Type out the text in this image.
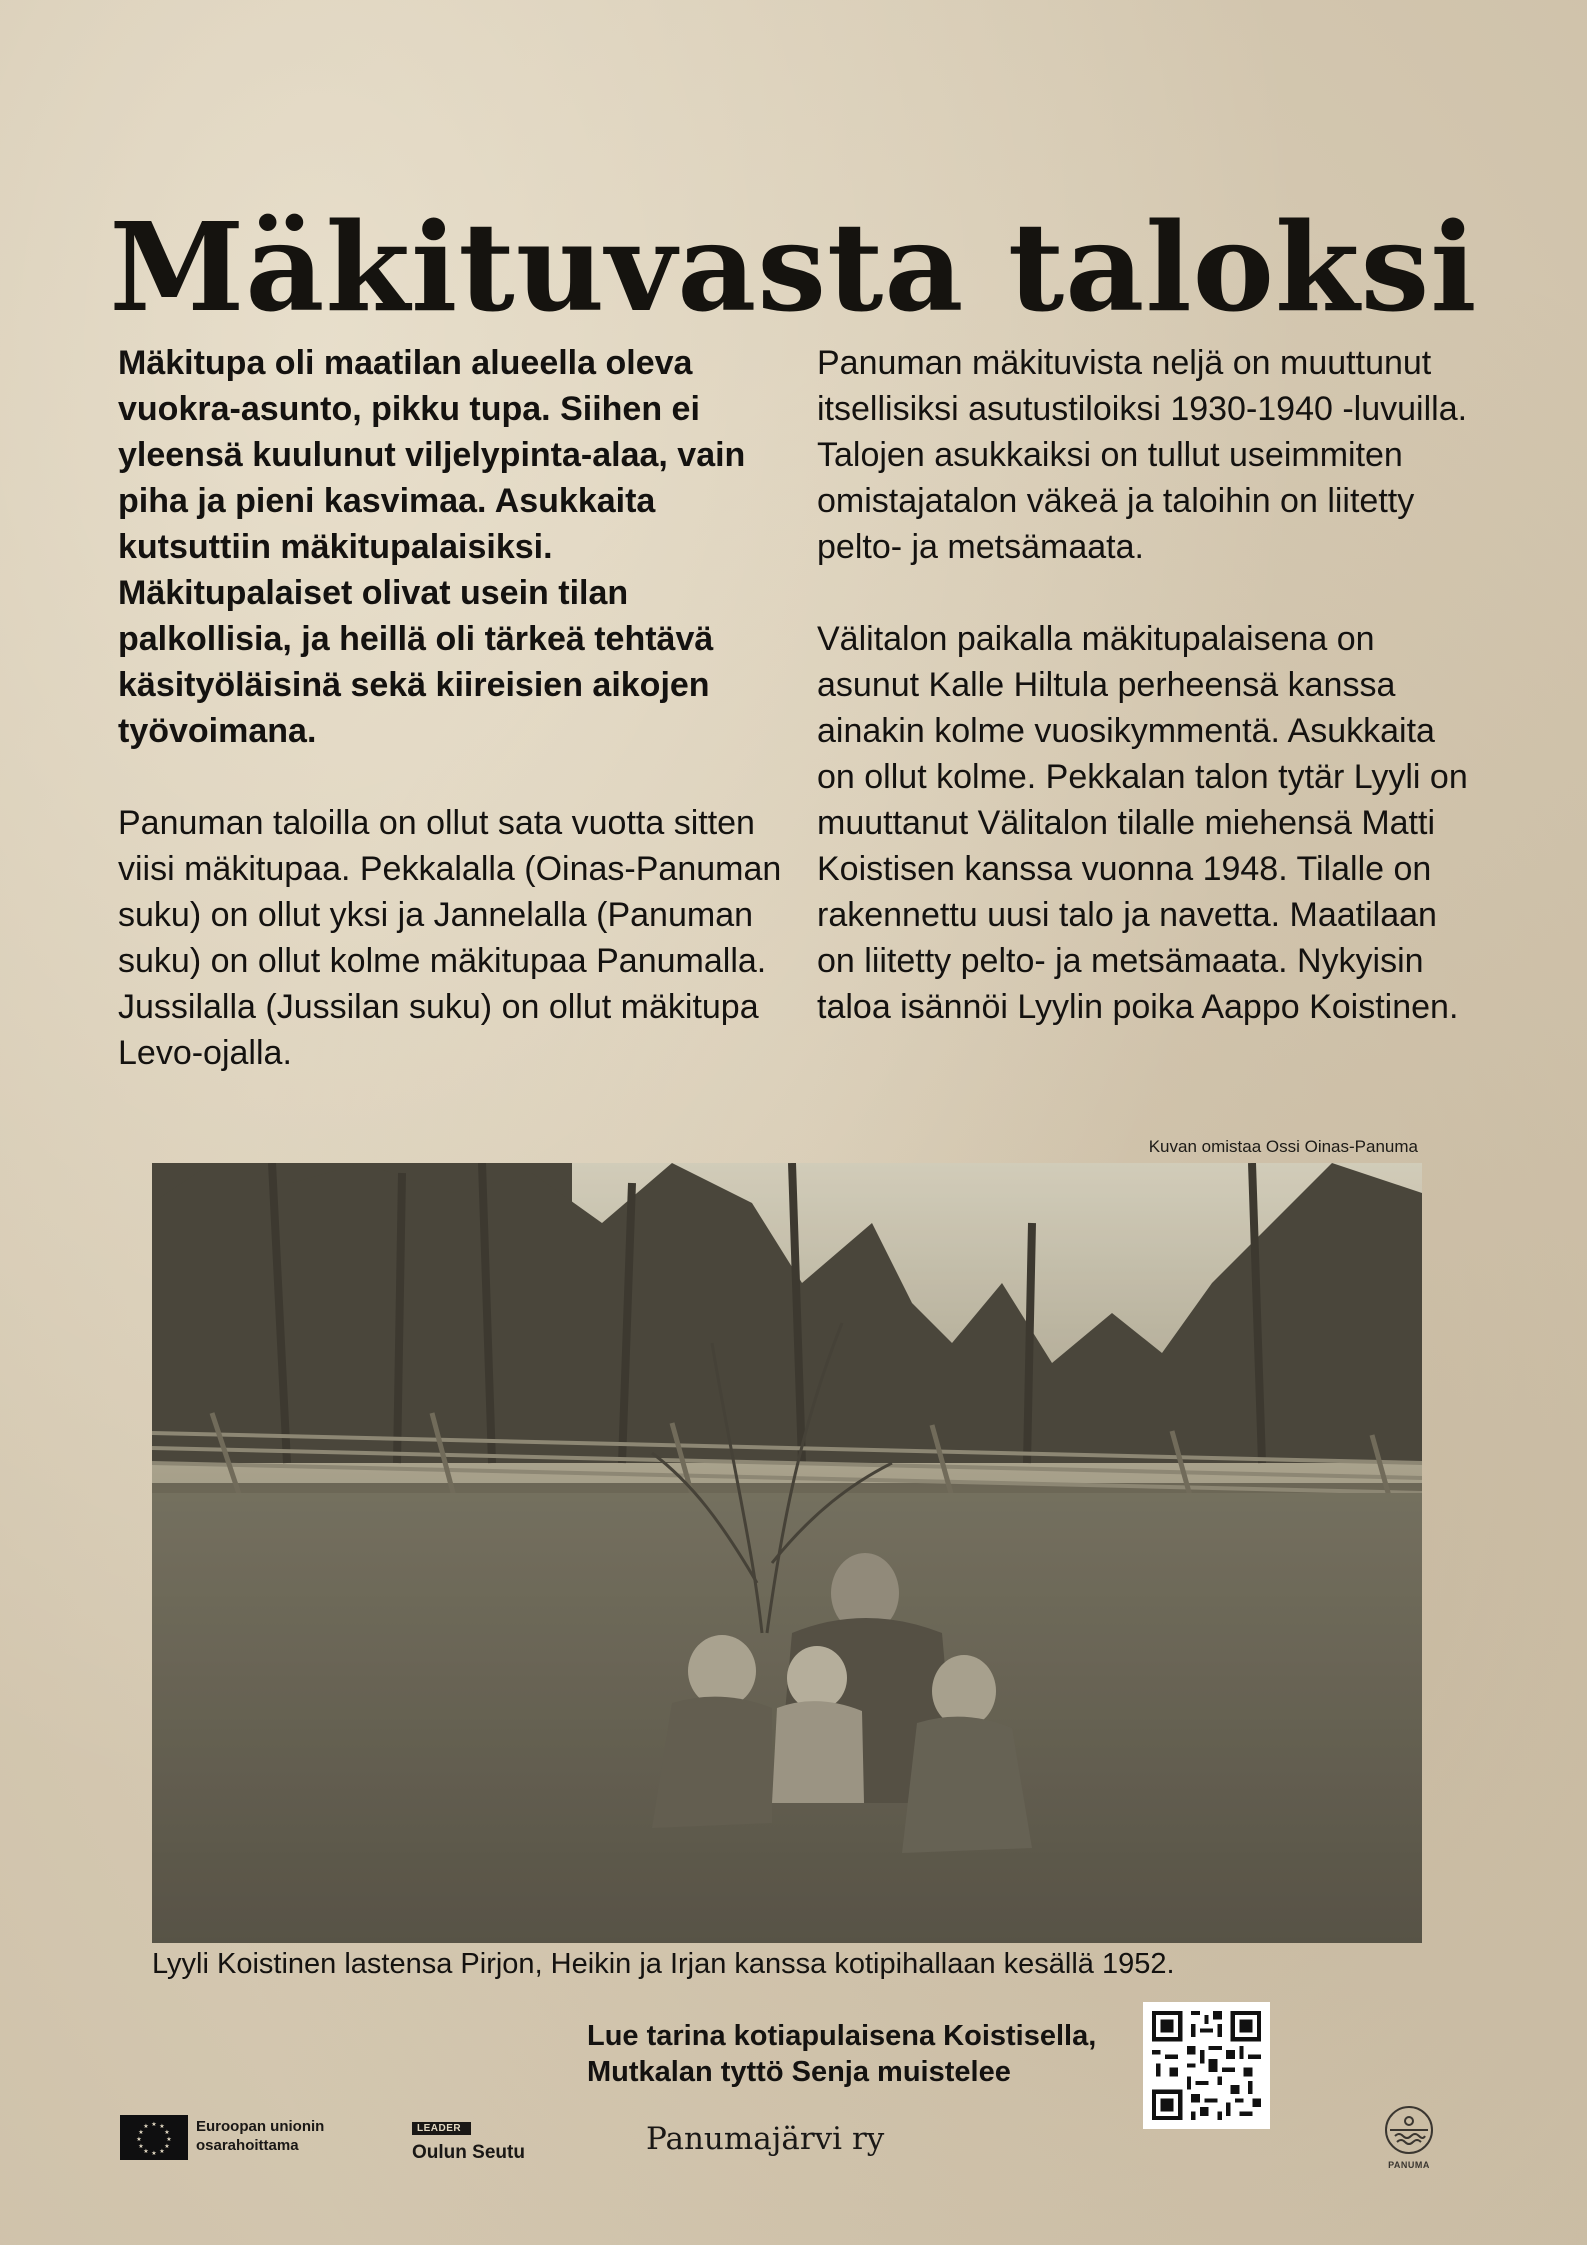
Mäkituvasta taloksi

Mäkitupa oli maatilan alueella oleva vuokra-asunto, pikku tupa. Siihen ei yleensä kuulunut viljelypinta-alaa, vain piha ja pieni kasvimaa. Asukkaita kutsuttiin mäkitupalaisiksi. Mäkitupalaiset olivat usein tilan palkollisia, ja heillä oli tärkeä tehtävä käsityöläisinä sekä kiireisien aikojen työvoimana.

Panuman taloilla on ollut sata vuotta sitten viisi mäkitupaa. Pekkalalla (Oinas-Panuman suku) on ollut yksi ja Jannelalla (Panuman suku) on ollut kolme mäkitupaa Panumalla. Jussilalla (Jussilan suku) on ollut mäkitupa Levo-ojalla.

Panuman mäkituvista neljä on muuttunut itsellisiksi asutustiloiksi 1930-1940 -luvuilla. Talojen asukkaiksi on tullut useimmiten omistajatalon väkeä ja taloihin on liitetty pelto- ja metsämaata.

Välitalon paikalla mäkitupalaisena on asunut Kalle Hiltula perheensä kanssa ainakin kolme vuosikymmentä. Asukkaita on ollut kolme. Pekkalan talon tytär Lyyli on muuttanut Välitalon tilalle miehensä Matti Koistisen kanssa vuonna 1948. Tilalle on rakennettu uusi talo ja navetta. Maatilaan on liitetty pelto- ja metsämaata. Nykyisin taloa isännöi Lyylin poika Aappo Koistinen.

Kuvan omistaa Ossi Oinas-Panuma
Lyyli Koistinen lastensa Pirjon, Heikin ja Irjan kanssa kotipihallaan kesällä 1952.
Lue tarina kotiapulaisena Koistisella,
Mutkalan tyttö Senja muistelee
★ ★
★
★
★
★
★
★
★
★
★
★	Euroopan unionin
osarahoittama
LEADER
Oulun Seutu	Panumajärvi ry
PANUMA
